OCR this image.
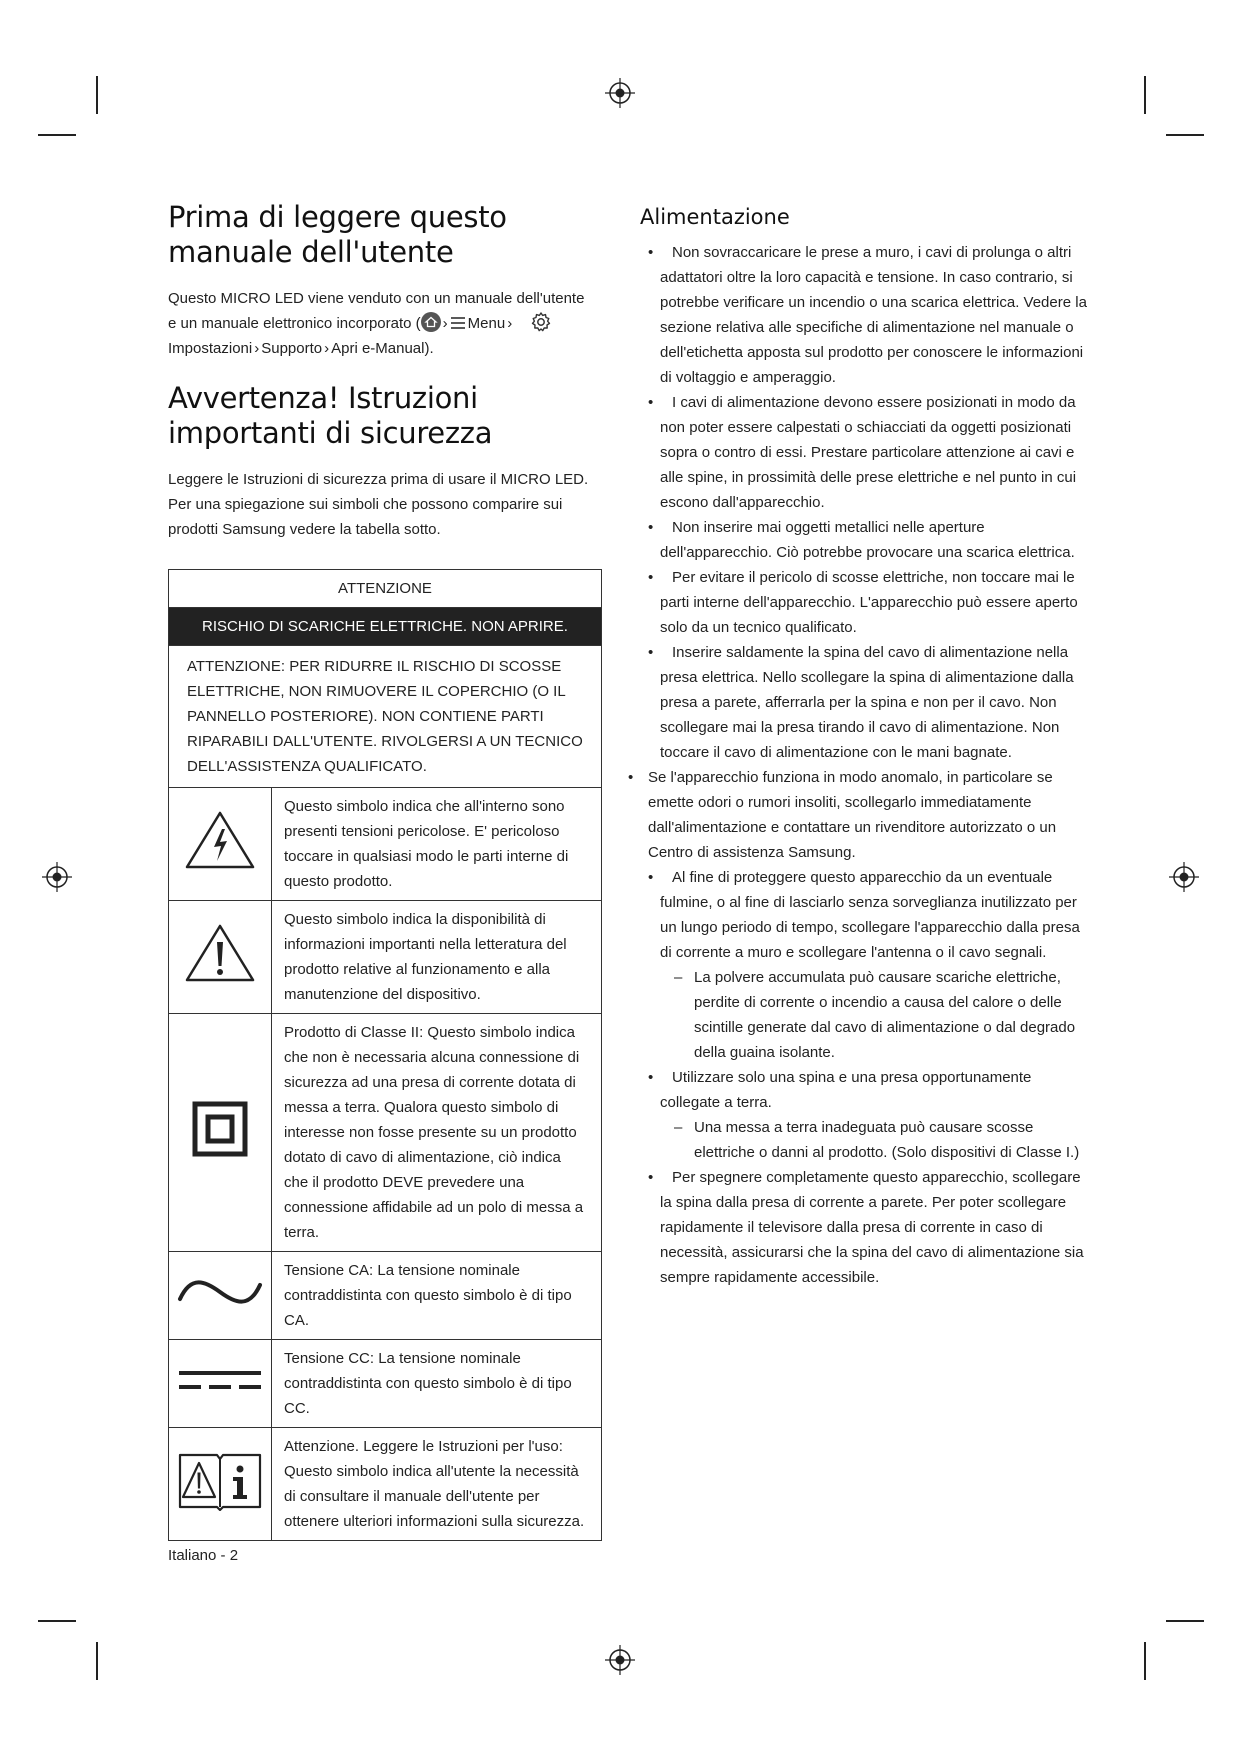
Prima di leggere questo manuale dell'utente

Questo MICRO LED viene venduto con un manuale dell'utente
e un manuale elettronico incorporato ( › Menu ›
Impostazioni › Supporto › Apri e-Manual).

Avvertenza! Istruzioni importanti di sicurezza

Leggere le Istruzioni di sicurezza prima di usare il MICRO LED. Per una spiegazione sui simboli che possono comparire sui prodotti Samsung vedere la tabella sotto.

ATTENZIONE	
RISCHIO DI SCARICHE ELETTRICHE. NON APRIRE.	
ATTENZIONE: PER RIDURRE IL RISCHIO DI SCOSSE ELETTRICHE, NON RIMUOVERE IL COPERCHIO (O IL PANNELLO POSTERIORE). NON CONTIENE PARTI RIPARABILI DALL'UTENTE. RIVOLGERSI A UN TECNICO DELL'ASSISTENZA QUALIFICATO.	
	Questo simbolo indica che all'interno sono presenti tensioni pericolose. E' pericoloso toccare in qualsiasi modo le parti interne di questo prodotto.
	Questo simbolo indica la disponibilità di informazioni importanti nella letteratura del prodotto relative al funzionamento e alla manutenzione del dispositivo.
	Prodotto di Classe II: Questo simbolo indica che non è necessaria alcuna connessione di sicurezza ad una presa di corrente dotata di messa a terra. Qualora questo simbolo di interesse non fosse presente su un prodotto dotato di cavo di alimentazione, ciò indica che il prodotto DEVE prevedere una connessione affidabile ad un polo di messa a terra.
	Tensione CA: La tensione nominale contraddistinta con questo simbolo è di tipo CA.
	Tensione CC: La tensione nominale contraddistinta con questo simbolo è di tipo CC.
	Attenzione. Leggere le Istruzioni per l'uso: Questo simbolo indica all'utente la necessità di consultare il manuale dell'utente per ottenere ulteriori informazioni sulla sicurezza.
Italiano - 2
Alimentazione
• Non sovraccaricare le prese a muro, i cavi di prolunga o altri adattatori oltre la loro capacità e tensione. In caso contrario, si potrebbe verificare un incendio o una scarica elettrica. Vedere la sezione relativa alle specifiche di alimentazione nel manuale o dell'etichetta apposta sul prodotto per conoscere le informazioni di voltaggio e amperaggio.
• I cavi di alimentazione devono essere posizionati in modo da non poter essere calpestati o schiacciati da oggetti posizionati sopra o contro di essi. Prestare particolare attenzione ai cavi e alle spine, in prossimità delle prese elettriche e nel punto in cui escono dall'apparecchio.
• Non inserire mai oggetti metallici nelle aperture dell'apparecchio. Ciò potrebbe provocare una scarica elettrica.
• Per evitare il pericolo di scosse elettriche, non toccare mai le parti interne dell'apparecchio. L'apparecchio può essere aperto solo da un tecnico qualificato.
• Inserire saldamente la spina del cavo di alimentazione nella presa elettrica. Nello scollegare la spina di alimentazione dalla presa a parete, afferrarla per la spina e non per il cavo. Non scollegare mai la presa tirando il cavo di alimentazione. Non toccare il cavo di alimentazione con le mani bagnate.
• Se l'apparecchio funziona in modo anomalo, in particolare se emette odori o rumori insoliti, scollegarlo immediatamente dall'alimentazione e contattare un rivenditore autorizzato o un Centro di assistenza Samsung.
• Al fine di proteggere questo apparecchio da un eventuale fulmine, o al fine di lasciarlo senza sorveglianza inutilizzato per un lungo periodo di tempo, scollegare l'apparecchio dalla presa di corrente a muro e scollegare l'antenna o il cavo segnali.
– La polvere accumulata può causare scariche elettriche, perdite di corrente o incendio a causa del calore o delle scintille generate dal cavo di alimentazione o dal degrado della guaina isolante.
• Utilizzare solo una spina e una presa opportunamente collegate a terra.
– Una messa a terra inadeguata può causare scosse elettriche o danni al prodotto. (Solo dispositivi di Classe I.)
• Per spegnere completamente questo apparecchio, scollegare la spina dalla presa di corrente a parete. Per poter scollegare rapidamente il televisore dalla presa di corrente in caso di necessità, assicurarsi che la spina del cavo di alimentazione sia sempre rapidamente accessibile.
